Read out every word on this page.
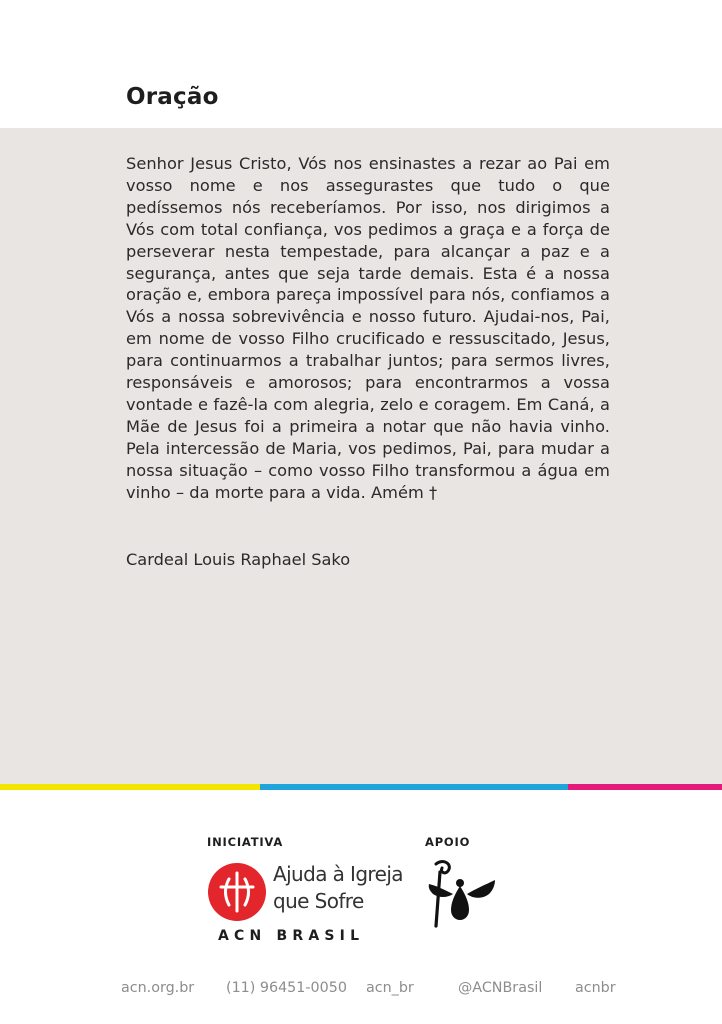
Oração

Senhor Jesus Cristo, Vós nos ensinastes a rezar ao Pai em vosso nome e nos assegurastes que tudo o que pedíssemos nós receberíamos. Por isso, nos dirigimos a Vós com total confiança, vos pedimos a graça e a força de perseverar nesta tempestade, para alcançar a paz e a segurança, antes que seja tarde demais. Esta é a nossa oração e, embora pareça impossível para nós, confiamos a Vós a nossa sobrevivência e nosso futuro. Ajudai-nos, Pai, em nome de vosso Filho crucificado e ressuscitado, Jesus, para continuarmos a trabalhar juntos; para sermos livres, responsáveis e amorosos; para encontrarmos a vossa vontade e fazê-la com alegria, zelo e coragem. Em Caná, a Mãe de Jesus foi a primeira a notar que não havia vinho. Pela intercessão de Maria, vos pedimos, Pai, para mudar a nossa situação – como vosso Filho transformou a água em vinho – da morte para a vida. Amém †

Cardeal Louis Raphael Sako

INICIATIVA	APOIO
Ajuda à Igreja
que Sofre
ACN BRASIL
acn.org.br (11) 96451-0050 acn_br	@ACNBrasil acnbr
